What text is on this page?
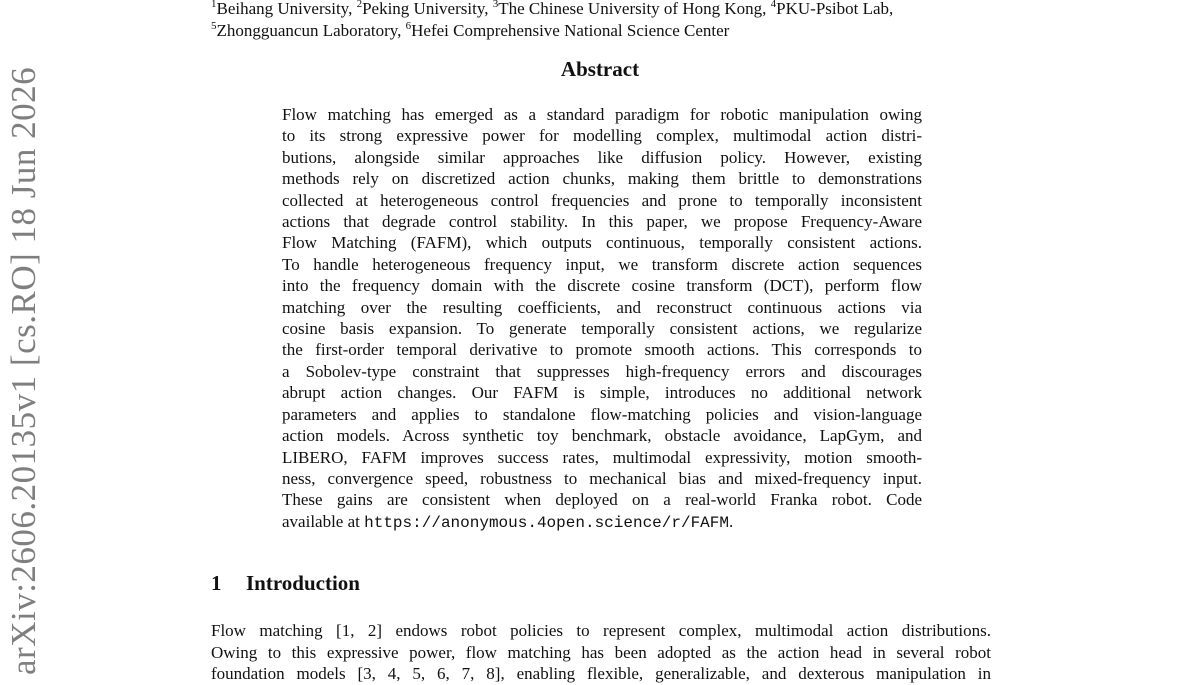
arXiv:2606.20135v1 [cs.RO] 18 Jun 2026
$^1$Beihang University, $^2$Peking University, $^3$The Chinese University of Hong Kong, $^4$PKU-Psibot Lab,
$^5$Zhongguancun Laboratory, $^6$Hefei Comprehensive National Science Center
Abstract
Flow matching has emerged as a standard paradigm for robotic manipulation owing
to its strong expressive power for modelling complex, multimodal action distri-
butions, alongside similar approaches like diffusion policy. However, existing
methods rely on discretized action chunks, making them brittle to demonstrations
collected at heterogeneous control frequencies and prone to temporally inconsistent
actions that degrade control stability. In this paper, we propose Frequency-Aware
Flow Matching (FAFM), which outputs continuous, temporally consistent actions.
To handle heterogeneous frequency input, we transform discrete action sequences
into the frequency domain with the discrete cosine transform (DCT), perform flow
matching over the resulting coefficients, and reconstruct continuous actions via
cosine basis expansion. To generate temporally consistent actions, we regularize
the first-order temporal derivative to promote smooth actions. This corresponds to
a Sobolev-type constraint that suppresses high-frequency errors and discourages
abrupt action changes. Our FAFM is simple, introduces no additional network
parameters and applies to standalone flow-matching policies and vision-language
action models. Across synthetic toy benchmark, obstacle avoidance, LapGym, and
LIBERO, FAFM improves success rates, multimodal expressivity, motion smooth-
ness, convergence speed, robustness to mechanical bias and mixed-frequency input.
These gains are consistent when deployed on a real-world Franka robot. Code
available at https://anonymous.4open.science/r/FAFM.
1 Introduction
Flow matching [1, 2] endows robot policies to represent complex, multimodal action distributions.
Owing to this expressive power, flow matching has been adopted as the action head in several robot
foundation models [3, 4, 5, 6, 7, 8], enabling flexible, generalizable, and dexterous manipulation in
